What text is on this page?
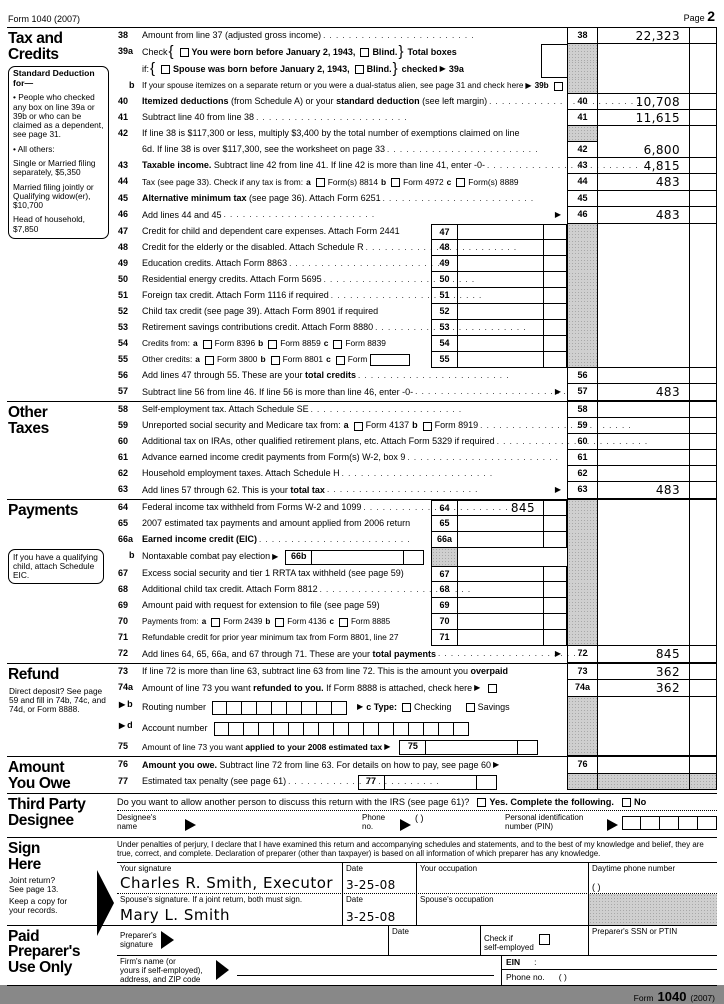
Form 1040 (2007)	Page 2
Tax and Credits
Standard Deduction for—

• People who checked any box on line 39a or 39b or who can be claimed as a dependent, see page 31.

• All others:

Single or Married filing separately, $5,350

Married filing jointly or Qualifying widow(er), $10,700

Head of household, $7,850

38	Amount from line 37 (adjusted gross income) .	38	22,323
39a Check {	You were born before January 2, 1943, Blind. } Total boxes
if: {	Spouse was born before January 2, 1943, Blind. } checked ▶ 39a
b If your spouse itemizes on a separate return or you were a dual-status alien, see page 31 and check here ▶ 39b
40	Itemized deductions (from Schedule A) or your standard deduction (see left margin) .	40	10,708
41	Subtract line 40 from line 38 .	41	11,615
42	If line 38 is $117,300 or less, multiply $3,400 by the total number of exemptions claimed on line
6d. If line 38 is over $117,300, see the worksheet on page 33 .	42	6,800
43	Taxable income. Subtract line 42 from line 41. If line 42 is more than line 41, enter -0- .	43	4,815
44	Tax (see page 33). Check if any tax is from: a Form(s) 8814 b Form 4972 c Form(s) 8889	44	483
45	Alternative minimum tax (see page 36). Attach Form 6251 .	45
46	Add lines 44 and 45 . ▶	46	483
47	Credit for child and dependent care expenses. Attach Form 2441	47
48	Credit for the elderly or the disabled. Attach Schedule R .	48
49	Education credits. Attach Form 8863 .	49
50	Residential energy credits. Attach Form 5695 .	50
51	Foreign tax credit. Attach Form 1116 if required .	51
52	Child tax credit (see page 39). Attach Form 8901 if required	52
53	Retirement savings contributions credit. Attach Form 8880 .	53
54	Credits from: a Form 8396 b Form 8859 c Form 8839	54
55	Other credits: a Form 3800 b Form 8801 c Form	55
56	Add lines 47 through 55. These are your total credits .	56
57	Subtract line 56 from line 46. If line 56 is more than line 46, enter -0- . ▶	57	483
Other Taxes
58	Self-employment tax. Attach Schedule SE .	58
59	Unreported social security and Medicare tax from: a Form 4137 b Form 8919 .	59
60	Additional tax on IRAs, other qualified retirement plans, etc. Attach Form 5329 if required .	60
61	Advance earned income credit payments from Form(s) W-2, box 9 .	61
62	Household employment taxes. Attach Schedule H .	62
63	Add lines 57 through 62. This is your total tax . ▶	63	483
Payments
If you have a qualifying child, attach Schedule EIC.
64	Federal income tax withheld from Forms W-2 and 1099 .	64	845
65	2007 estimated tax payments and amount applied from 2006 return	65
66a Earned income credit (EIC) .	66a
b Nontaxable combat pay election ▶	66b
67	Excess social security and tier 1 RRTA tax withheld (see page 59)	67
68	Additional child tax credit. Attach Form 8812 .	68
69	Amount paid with request for extension to file (see page 59)	69
70	Payments from: a Form 2439 b Form 4136 c Form 8885	70
71	Refundable credit for prior year minimum tax from Form 8801, line 27	71
72	Add lines 64, 65, 66a, and 67 through 71. These are your total payments . ▶	72	845
Refund
Direct deposit? See page 59 and fill in 74b, 74c, and 74d, or Form 8888.
73	If line 72 is more than line 63, subtract line 63 from line 72. This is the amount you overpaid	73	362
74a Amount of line 73 you want refunded to you. If Form 8888 is attached, check here ▶	74a	362
▶b	Routing number ▶	c Type: Checking	Savings
▶d	Account number
75	Amount of line 73 you want applied to your 2008 estimated tax ▶	75
Amount You Owe
76	Amount you owe. Subtract line 72 from line 63. For details on how to pay, see page 60 ▶	76
77	Estimated tax penalty (see page 61) .	77
Third Party Designee
Do you want to allow another person to discuss this return with the IRS (see page 61)? Yes. Complete the following. No
Designee's
name
Phone
no.
( )	Personal identification
number (PIN)
Sign Here
Joint return? See page 13.
Keep a copy for your records.
Under penalties of perjury, I declare that I have examined this return and accompanying schedules and statements, and to the best of my knowledge and belief, they are true, correct, and complete. Declaration of preparer (other than taxpayer) is based on all information of which preparer has any knowledge.
Your signature
Charles R. Smith, Executor
Date
3-25-08
Your occupation	Daytime phone number
( )
Spouse's signature. If a joint return, both must sign.
Mary L. Smith
Date
3-25-08
Spouse's occupation
Paid Preparer's Use Only
Preparer's
signature
Date
Check if
self-employed
Preparer's SSN or PTIN
Firm's name (or
yours if self-employed),
address, and ZIP code
EIN :
Phone no. ( )
Form 1040 (2007)
